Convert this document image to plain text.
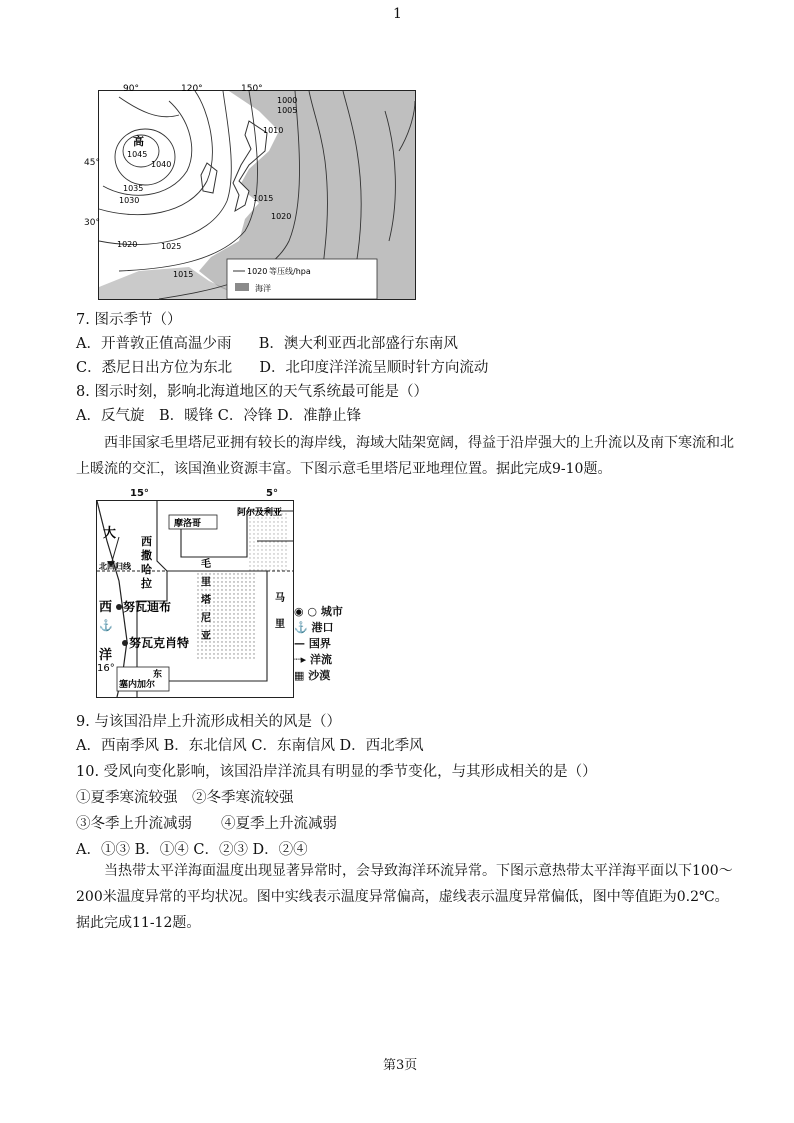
1
90°	120°	150°
高
1045
1040
1035
1030
1025
1020
1015
1010
1005
1000
1020
1015
1020 等压线/hpa
海洋
45°
30°
7. 图示季节（）
A．开普敦正值高温少雨 B．澳大利亚西北部盛行东南风
C．悉尼日出方位为东北 D．北印度洋洋流呈顺时针方向流动
8. 图示时刻，影响北海道地区的天气系统最可能是（）
A．反气旋　B．暖锋 C．冷锋 D．准静止锋
西非国家毛里塔尼亚拥有较长的海岸线，海域大陆架宽阔，得益于沿岸强大的上升流以及南下寒流和北上暖流的交汇，该国渔业资源丰富。下图示意毛里塔尼亚地理位置。据此完成9-10题。
摩洛哥
阿尔及利亚
大
西
洋
北回归线
西
撒
哈
拉
毛
里
塔
尼
亚
马
里
⚓
努瓦迪布
努瓦克肖特
塞内加尔
东
16°
15°	5°
◉ ○ 城市
⚓ 港口
— 国界
┈▸ 洋流
▦ 沙漠
9. 与该国沿岸上升流形成相关的风是（）
A．西南季风 B．东北信风 C．东南信风 D．西北季风
10. 受风向变化影响，该国沿岸洋流具有明显的季节变化，与其形成相关的是（）
①夏季寒流较强　②冬季寒流较强
③冬季上升流减弱　　④夏季上升流减弱
A．①③ B．①④ C．②③ D．②④
当热带太平洋海面温度出现显著异常时，会导致海洋环流异常。下图示意热带太平洋海平面以下100～200米温度异常的平均状况。图中实线表示温度异常偏高，虚线表示温度异常偏低，图中等值距为0.2℃。据此完成11-12题。
第3页
